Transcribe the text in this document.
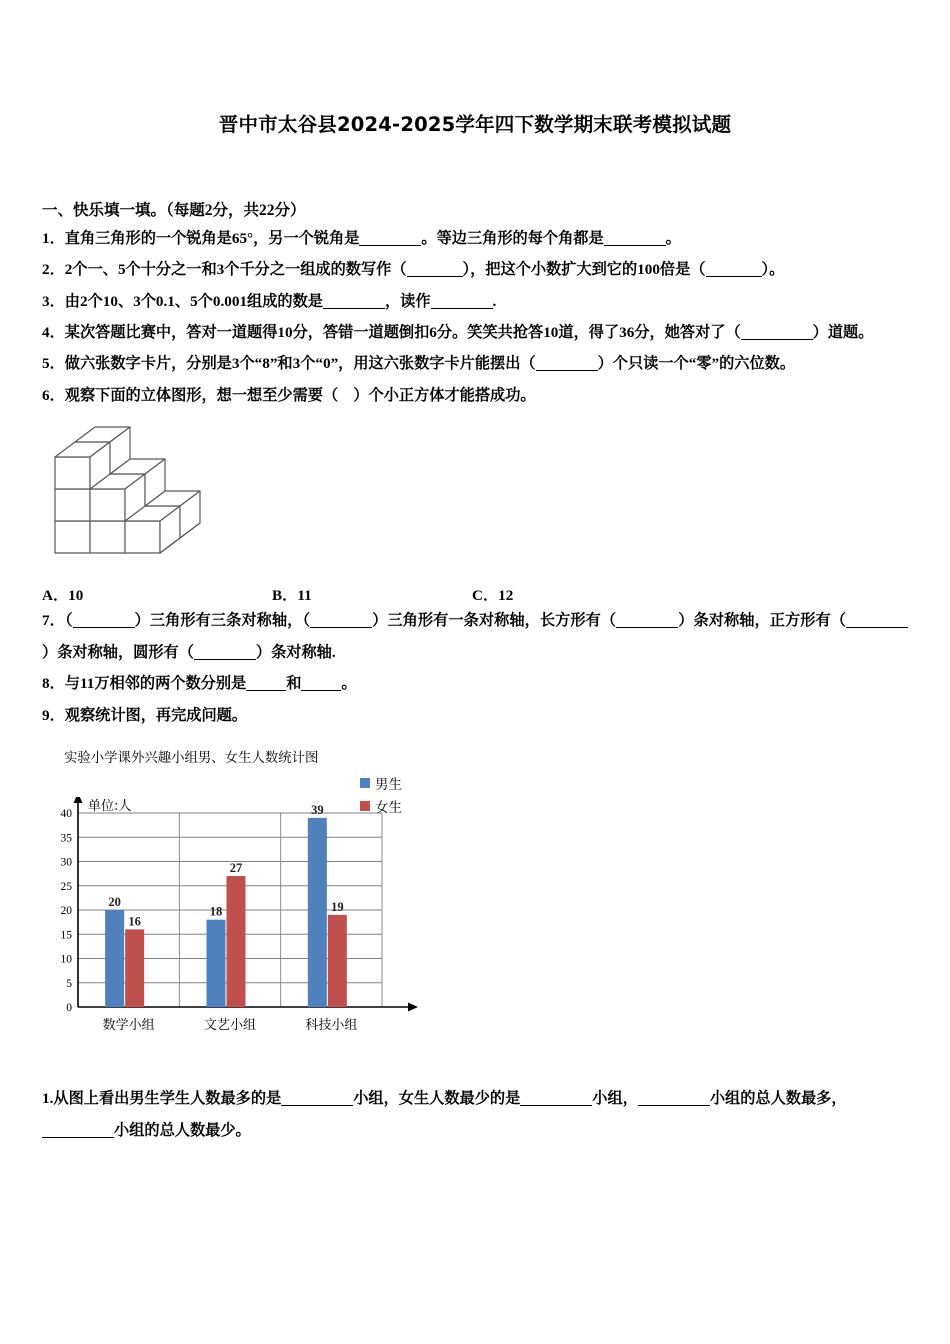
晋中市太谷县2024-2025学年四下数学期末联考模拟试题

一、快乐填一填。（每题2分，共22分）

1．直角三角形的一个锐角是65°，另一个锐角是	。等边三角形的每个角都是	。

2．2个一、5个十分之一和3个千分之一组成的数写作（	），把这个小数扩大到它的100倍是（	）。

3．由2个10、3个0.1、5个0.001组成的数是	，读作	.

4．某次答题比赛中，答对一道题得10分，答错一道题倒扣6分。笑笑共抢答10道，得了36分，她答对了（	）道题。

5．做六张数字卡片，分别是3个“8”和3个“0”，用这六张数字卡片能摆出（	）个只读一个“零”的六位数。

6．观察下面的立体图形，想一想至少需要（　）个小正方体才能搭成功。

A．10	B．11	C．12

7．（	）三角形有三条对称轴，（	）三角形有一条对称轴，长方形有（	）条对称轴，正方形有（）条对称轴，圆形有（	）条对称轴.

8．与11万相邻的两个数分别是	和	。

9．观察统计图，再完成问题。

实验小学课外兴趣小组男、女生人数统计图
男生
女生
单位:人
0
5
10
15
20
25
30
35
40
20
16
数学小组
18
27
文艺小组
39
19
科技小组

1.从图上看出男生学生人数最多的是	小组，女生人数最少的是	小组，	小组的总人数最多，小组的总人数最少。
